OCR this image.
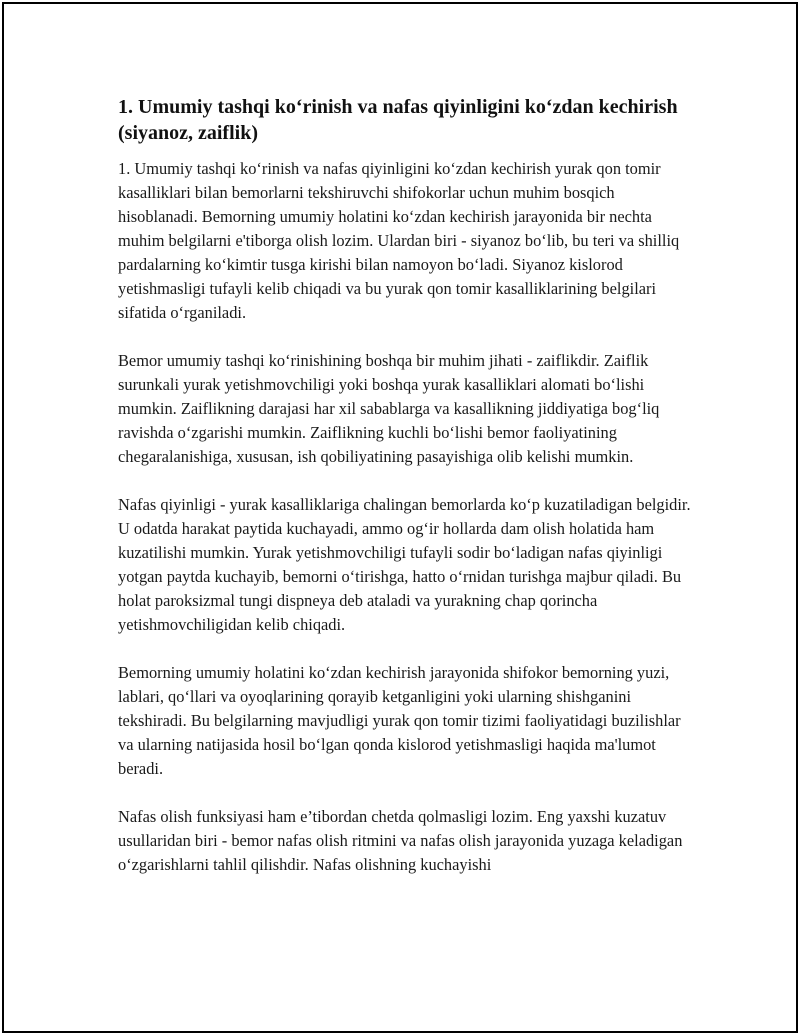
1. Umumiy tashqi koʻrinish va nafas qiyinligini koʻzdan kechirish (siyanoz, zaiflik)

1. Umumiy tashqi koʻrinish va nafas qiyinligini koʻzdan kechirish yurak qon tomir kasalliklari bilan bemorlarni tekshiruvchi shifokorlar uchun muhim bosqich hisoblanadi. Bemorning umumiy holatini koʻzdan kechirish jarayonida bir nechta muhim belgilarni e'tiborga olish lozim. Ulardan biri - siyanoz boʻlib, bu teri va shilliq pardalarning koʻkimtir tusga kirishi bilan namoyon boʻladi. Siyanoz kislorod yetishmasligi tufayli kelib chiqadi va bu yurak qon tomir kasalliklarining belgilari sifatida oʻrganiladi.

Bemor umumiy tashqi koʻrinishining boshqa bir muhim jihati - zaiflikdir. Zaiflik surunkali yurak yetishmovchiligi yoki boshqa yurak kasalliklari alomati boʻlishi mumkin. Zaiflikning darajasi har xil sabablarga va kasallikning jiddiyatiga bogʻliq ravishda oʻzgarishi mumkin. Zaiflikning kuchli boʻlishi bemor faoliyatining chegaralanishiga, xususan, ish qobiliyatining pasayishiga olib kelishi mumkin.

Nafas qiyinligi - yurak kasalliklariga chalingan bemorlarda koʻp kuzatiladigan belgidir. U odatda harakat paytida kuchayadi, ammo ogʻir hollarda dam olish holatida ham kuzatilishi mumkin. Yurak yetishmovchiligi tufayli sodir boʻladigan nafas qiyinligi yotgan paytda kuchayib, bemorni oʻtirishga, hatto oʻrnidan turishga majbur qiladi. Bu holat paroksizmal tungi dispneya deb ataladi va yurakning chap qorincha yetishmovchiligidan kelib chiqadi.

Bemorning umumiy holatini koʻzdan kechirish jarayonida shifokor bemorning yuzi, lablari, qoʻllari va oyoqlarining qorayib ketganligini yoki ularning shishganini tekshiradi. Bu belgilarning mavjudligi yurak qon tomir tizimi faoliyatidagi buzilishlar va ularning natijasida hosil boʻlgan qonda kislorod yetishmasligi haqida ma'lumot beradi.

Nafas olish funksiyasi ham e’tibordan chetda qolmasligi lozim. Eng yaxshi kuzatuv usullaridan biri - bemor nafas olish ritmini va nafas olish jarayonida yuzaga keladigan oʻzgarishlarni tahlil qilishdir. Nafas olishning kuchayishi
